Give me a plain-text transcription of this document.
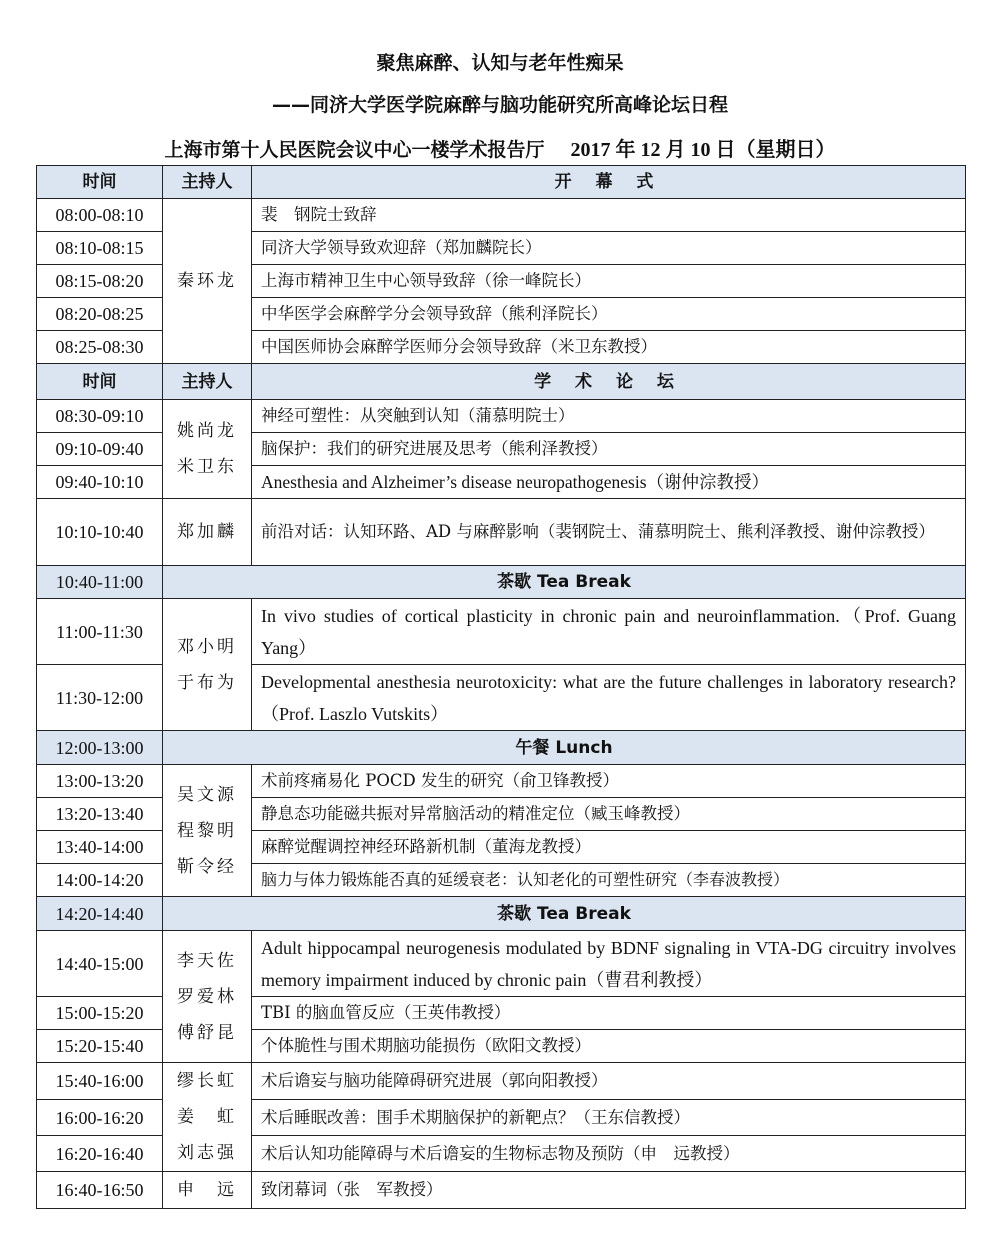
聚焦麻醉、认知与老年性痴呆
——同济大学医学院麻醉与脑功能研究所高峰论坛日程
上海市第十人民医院会议中心一楼学术报告厅 2017 年 12 月 10 日（星期日）
时间	主持人	开 幕 式
08:00-08:10	秦环龙	裴　钢院士致辞
08:10-08:15		同济大学领导致欢迎辞（郑加麟院长）
08:15-08:20		上海市精神卫生中心领导致辞（徐一峰院长）
08:20-08:25		中华医学会麻醉学分会领导致辞（熊利泽院长）
08:25-08:30		中国医师协会麻醉学医师分会领导致辞（米卫东教授）
时间	主持人	学 术 论 坛
08:30-09:10	姚尚龙 米卫东	神经可塑性：从突触到认知（蒲慕明院士）
09:10-09:40		脑保护：我们的研究进展及思考（熊利泽教授）
09:40-10:10		Anesthesia and Alzheimer’s disease neuropathogenesis（谢仲淙教授）
10:10-10:40	郑加麟	前沿对话：认知环路、AD 与麻醉影响（裴钢院士、蒲慕明院士、熊利泽教授、谢仲淙教授）
10:40-11:00	茶歇 Tea Break	
11:00-11:30	邓小明 于布为	In vivo studies of cortical plasticity in chronic pain and neuroinflammation.（Prof. Guang Yang）
11:30-12:00		Developmental anesthesia neurotoxicity: what are the future challenges in laboratory research?（Prof. Laszlo Vutskits）
12:00-13:00	午餐 Lunch	
13:00-13:20	吴文源 程黎明 靳令经	术前疼痛易化 POCD 发生的研究（俞卫锋教授）
13:20-13:40		静息态功能磁共振对异常脑活动的精准定位（臧玉峰教授）
13:40-14:00		麻醉觉醒调控神经环路新机制（董海龙教授）
14:00-14:20		脑力与体力锻炼能否真的延缓衰老：认知老化的可塑性研究（李春波教授）
14:20-14:40	茶歇 Tea Break	
14:40-15:00	李天佐 罗爱林 傅舒昆	Adult hippocampal neurogenesis modulated by BDNF signaling in VTA-DG circuitry involves memory impairment induced by chronic pain（曹君利教授）
15:00-15:20		TBI 的脑血管反应（王英伟教授）
15:20-15:40		个体脆性与围术期脑功能损伤（欧阳文教授）
15:40-16:00	缪长虹 姜　虹 刘志强	术后谵妄与脑功能障碍研究进展（郭向阳教授）
16:00-16:20		术后睡眠改善：围手术期脑保护的新靶点？（王东信教授）
16:20-16:40		术后认知功能障碍与术后谵妄的生物标志物及预防（申　远教授）
16:40-16:50	申　远	致闭幕词（张　军教授）
